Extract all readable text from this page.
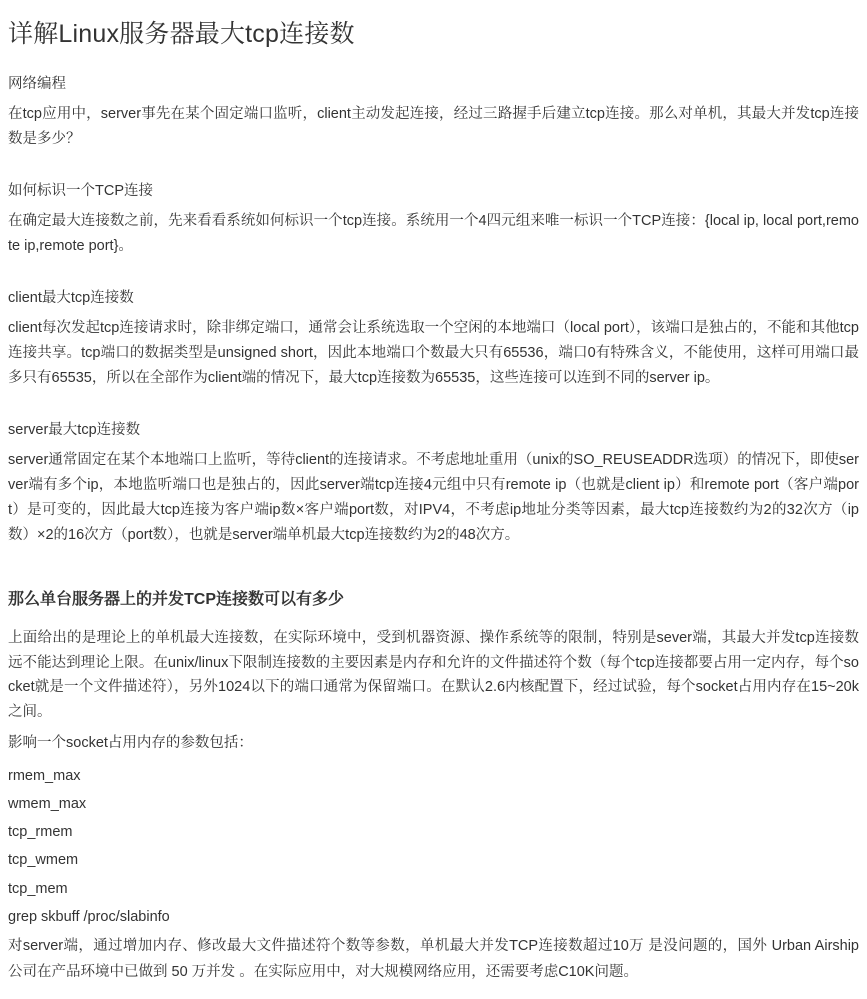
详解Linux服务器最大tcp连接数
网络编程

在tcp应用中，server事先在某个固定端口监听，client主动发起连接，经过三路握手后建立tcp连接。那么对单机，其最大并发tcp连接数是多少？

如何标识一个TCP连接

在确定最大连接数之前，先来看看系统如何标识一个tcp连接。系统用一个4四元组来唯一标识一个TCP连接：{local ip, local port,remote ip,remote port}。

client最大tcp连接数

client每次发起tcp连接请求时，除非绑定端口，通常会让系统选取一个空闲的本地端口（local port），该端口是独占的，不能和其他tcp连接共享。tcp端口的数据类型是unsigned short，因此本地端口个数最大只有65536，端口0有特殊含义，不能使用，这样可用端口最多只有65535，所以在全部作为client端的情况下，最大tcp连接数为65535，这些连接可以连到不同的server ip。

server最大tcp连接数

server通常固定在某个本地端口上监听，等待client的连接请求。不考虑地址重用（unix的SO_REUSEADDR选项）的情况下，即使server端有多个ip，本地监听端口也是独占的，因此server端tcp连接4元组中只有remote ip（也就是client ip）和remote port（客户端port）是可变的，因此最大tcp连接为客户端ip数×客户端port数，对IPV4，不考虑ip地址分类等因素，最大tcp连接数约为2的32次方（ip数）×2的16次方（port数），也就是server端单机最大tcp连接数约为2的48次方。

那么单台服务器上的并发TCP连接数可以有多少

上面给出的是理论上的单机最大连接数，在实际环境中，受到机器资源、操作系统等的限制，特别是sever端，其最大并发tcp连接数远不能达到理论上限。在unix/linux下限制连接数的主要因素是内存和允许的文件描述符个数（每个tcp连接都要占用一定内存，每个socket就是一个文件描述符），另外1024以下的端口通常为保留端口。在默认2.6内核配置下，经过试验，每个socket占用内存在15~20k之间。

影响一个socket占用内存的参数包括：

rmem_max
wmem_max
tcp_rmem
tcp_wmem
tcp_mem
grep skbuff /proc/slabinfo

对server端，通过增加内存、修改最大文件描述符个数等参数，单机最大并发TCP连接数超过10万 是没问题的，国外 Urban Airship 公司在产品环境中已做到 50 万并发 。在实际应用中，对大规模网络应用，还需要考虑C10K问题。
